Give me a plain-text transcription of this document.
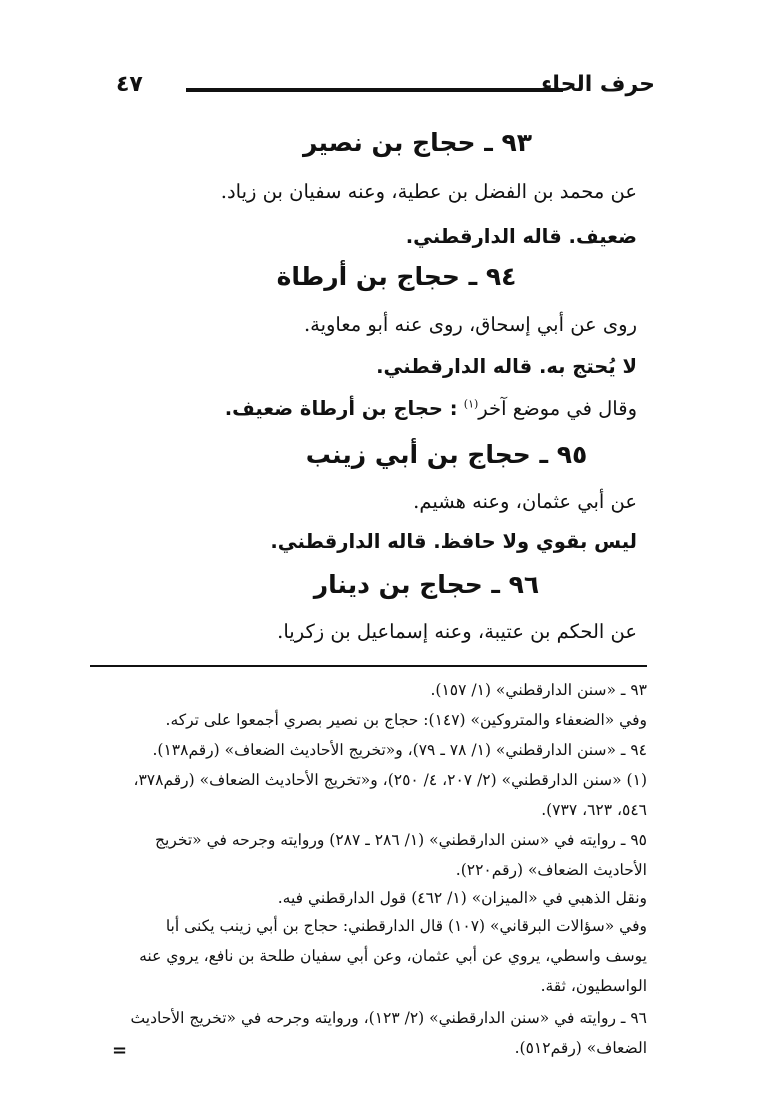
حرف الحاء
٤٧
٩٣ ـ حجاج بن نصير
عن محمد بن الفضل بن عطية، وعنه سفيان بن زياد.
ضعيف. قاله الدارقطني.
٩٤ ـ حجاج بن أرطاة
روى عن أبي إسحاق، روى عنه أبو معاوية.
لا يُحتج به. قاله الدارقطني.
وقال في موضع آخر$^{(١)}$ : حجاج بن أرطاة ضعيف.
٩٥ ـ حجاج بن أبي زينب
عن أبي عثمان، وعنه هشيم.
ليس بقوي ولا حافظ. قاله الدارقطني.
٩٦ ـ حجاج بن دينار
عن الحكم بن عتيبة، وعنه إسماعيل بن زكريا.
٩٣ ـ «سنن الدارقطني» (١/ ١٥٧).
وفي «الضعفاء والمتروكين» (١٤٧): حجاج بن نصير بصري أجمعوا على تركه.
٩٤ ـ «سنن الدارقطني» (١/ ٧٨ ـ ٧٩)، و«تخريج الأحاديث الضعاف» (رقم١٣٨).
(١) «سنن الدارقطني» (٢/ ٢٠٧، ٤/ ٢٥٠)، و«تخريج الأحاديث الضعاف» (رقم٣٧٨،
٥٤٦، ٦٢٣، ٧٣٧).
٩٥ ـ روايته في «سنن الدارقطني» (١/ ٢٨٦ ـ ٢٨٧) وروايته وجرحه في «تخريج
الأحاديث الضعاف» (رقم٢٢٠).
ونقل الذهبي في «الميزان» (١/ ٤٦٢) قول الدارقطني فيه.
وفي «سؤالات البرقاني» (١٠٧) قال الدارقطني: حجاج بن أبي زينب يكنى أبا
يوسف واسطي، يروي عن أبي عثمان، وعن أبي سفيان طلحة بن نافع، يروي عنه
الواسطيون، ثقة.
٩٦ ـ روايته في «سنن الدارقطني» (٢/ ١٢٣)، وروايته وجرحه في «تخريج الأحاديث
الضعاف» (رقم٥١٢).
=
